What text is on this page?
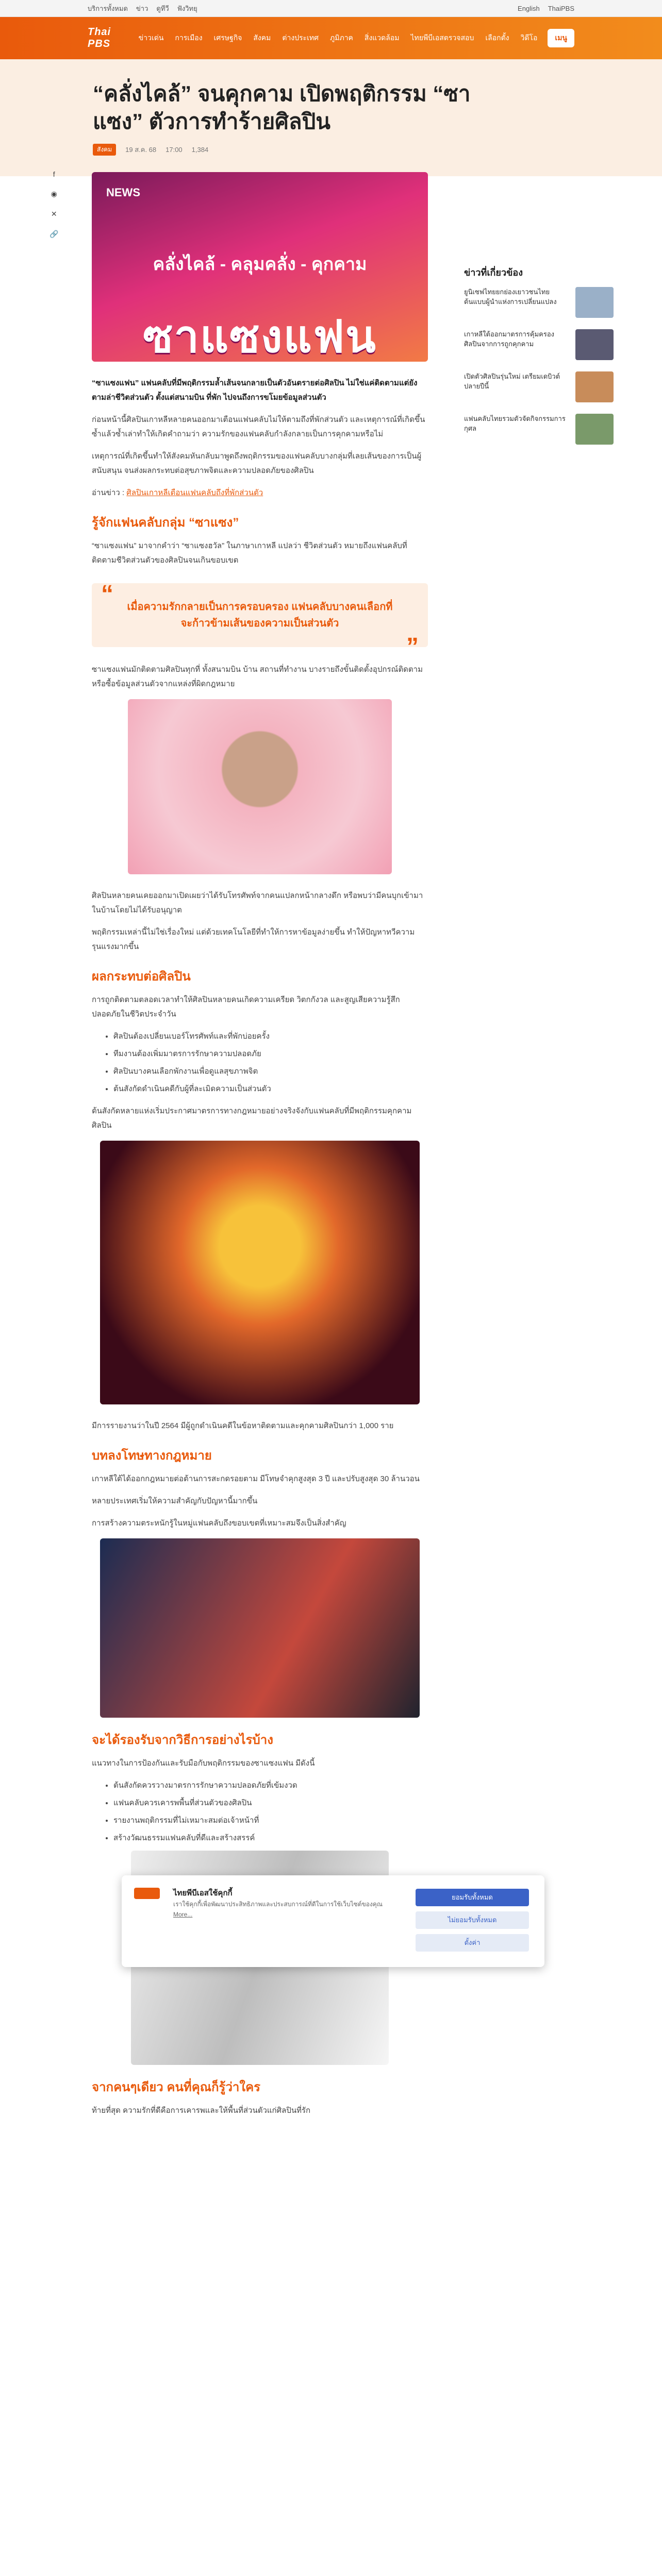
บริการทั้งหมด ข่าว ดูทีวี ฟังวิทยุ	English ThaiPBS
Thai PBS
ข่าวเด่น การเมือง เศรษฐกิจ สังคม ต่างประเทศ ภูมิภาค สิ่งแวดล้อม ไทยพีบีเอสตรวจสอบ เลือกตั้ง วิดีโอ	เมนู
“คลั่งไคล้” จนคุกคาม เปิดพฤติกรรม “ซาแซง” ตัวการทำร้ายศิลปิน
สังคม	19 ส.ค. 68 17:00 1,384
f
◉
✕
🔗
NEWS
คลั่งไคล้ - คลุมคลั่ง - คุกคาม
ซาแซงแฟน

“ซาแซงแฟน” แฟนคลับที่มีพฤติกรรมล้ำเส้นจนกลายเป็นตัวอันตรายต่อศิลปิน ไม่ใช่แค่ติดตามแต่ยังตามล่าชีวิตส่วนตัว ตั้งแต่สนามบิน ที่พัก ไปจนถึงการขโมยข้อมูลส่วนตัว

ก่อนหน้านี้ศิลปินเกาหลีหลายคนออกมาเตือนแฟนคลับไม่ให้ตามถึงที่พักส่วนตัว และเหตุการณ์ที่เกิดขึ้นซ้ำแล้วซ้ำเล่าทำให้เกิดคำถามว่า ความรักของแฟนคลับกำลังกลายเป็นการคุกคามหรือไม่

เหตุการณ์ที่เกิดขึ้นทำให้สังคมหันกลับมาพูดถึงพฤติกรรมของแฟนคลับบางกลุ่มที่เลยเส้นของการเป็นผู้สนับสนุน จนส่งผลกระทบต่อสุขภาพจิตและความปลอดภัยของศิลปิน

อ่านข่าว : ศิลปินเกาหลีเตือนแฟนคลับถึงที่พักส่วนตัว

รู้จักแฟนคลับกลุ่ม “ซาแซง”

“ซาแซงแฟน” มาจากคำว่า “ซาแซงฮวัล” ในภาษาเกาหลี แปลว่า ชีวิตส่วนตัว หมายถึงแฟนคลับที่ติดตามชีวิตส่วนตัวของศิลปินจนเกินขอบเขต

“ เมื่อความรักกลายเป็นการครอบครอง แฟนคลับบางคนเลือกที่จะก้าวข้ามเส้นของความเป็นส่วนตัว ”

ซาแซงแฟนมักติดตามศิลปินทุกที่ ทั้งสนามบิน บ้าน สถานที่ทำงาน บางรายถึงขั้นติดตั้งอุปกรณ์ติดตามหรือซื้อข้อมูลส่วนตัวจากแหล่งที่ผิดกฎหมาย

ศิลปินหลายคนเคยออกมาเปิดเผยว่าได้รับโทรศัพท์จากคนแปลกหน้ากลางดึก หรือพบว่ามีคนบุกเข้ามาในบ้านโดยไม่ได้รับอนุญาต

พฤติกรรมเหล่านี้ไม่ใช่เรื่องใหม่ แต่ด้วยเทคโนโลยีที่ทำให้การหาข้อมูลง่ายขึ้น ทำให้ปัญหาทวีความรุนแรงมากขึ้น

ผลกระทบต่อศิลปิน

การถูกติดตามตลอดเวลาทำให้ศิลปินหลายคนเกิดความเครียด วิตกกังวล และสูญเสียความรู้สึกปลอดภัยในชีวิตประจำวัน

• ศิลปินต้องเปลี่ยนเบอร์โทรศัพท์และที่พักบ่อยครั้ง
• ทีมงานต้องเพิ่มมาตรการรักษาความปลอดภัย
• ศิลปินบางคนเลือกพักงานเพื่อดูแลสุขภาพจิต
• ต้นสังกัดดำเนินคดีกับผู้ที่ละเมิดความเป็นส่วนตัว

ต้นสังกัดหลายแห่งเริ่มประกาศมาตรการทางกฎหมายอย่างจริงจังกับแฟนคลับที่มีพฤติกรรมคุกคามศิลปิน

มีการรายงานว่าในปี 2564 มีผู้ถูกดำเนินคดีในข้อหาติดตามและคุกคามศิลปินกว่า 1,000 ราย

บทลงโทษทางกฎหมาย

เกาหลีใต้ได้ออกกฎหมายต่อต้านการสะกดรอยตาม มีโทษจำคุกสูงสุด 3 ปี และปรับสูงสุด 30 ล้านวอน

หลายประเทศเริ่มให้ความสำคัญกับปัญหานี้มากขึ้น

การสร้างความตระหนักรู้ในหมู่แฟนคลับถึงขอบเขตที่เหมาะสมจึงเป็นสิ่งสำคัญ

จะได้รองรับจากวิธีการอย่างไรบ้าง

แนวทางในการป้องกันและรับมือกับพฤติกรรมของซาแซงแฟน มีดังนี้

• ต้นสังกัดควรวางมาตรการรักษาความปลอดภัยที่เข้มงวด
• แฟนคลับควรเคารพพื้นที่ส่วนตัวของศิลปิน
• รายงานพฤติกรรมที่ไม่เหมาะสมต่อเจ้าหน้าที่
• สร้างวัฒนธรรมแฟนคลับที่ดีและสร้างสรรค์
จากคนๆเดียว คนที่คุณก็รู้ว่าใคร

ท้ายที่สุด ความรักที่ดีคือการเคารพและให้พื้นที่ส่วนตัวแก่ศิลปินที่รัก

ข่าวที่เกี่ยวข้อง
ยูนิเซฟไทยยกย่องเยาวชนไทย ต้นแบบผู้นำแห่งการเปลี่ยนแปลง
เกาหลีใต้ออกมาตรการคุ้มครองศิลปินจากการถูกคุกคาม
เปิดตัวศิลปินรุ่นใหม่ เตรียมเดบิวต์ปลายปีนี้
แฟนคลับไทยรวมตัวจัดกิจกรรมการกุศล
ไทยพีบีเอสใช้คุกกี้
เราใช้คุกกี้เพื่อพัฒนาประสิทธิภาพและประสบการณ์ที่ดีในการใช้เว็บไซต์ของคุณ
More...
ยอมรับทั้งหมด
ไม่ยอมรับทั้งหมด
ตั้งค่า
